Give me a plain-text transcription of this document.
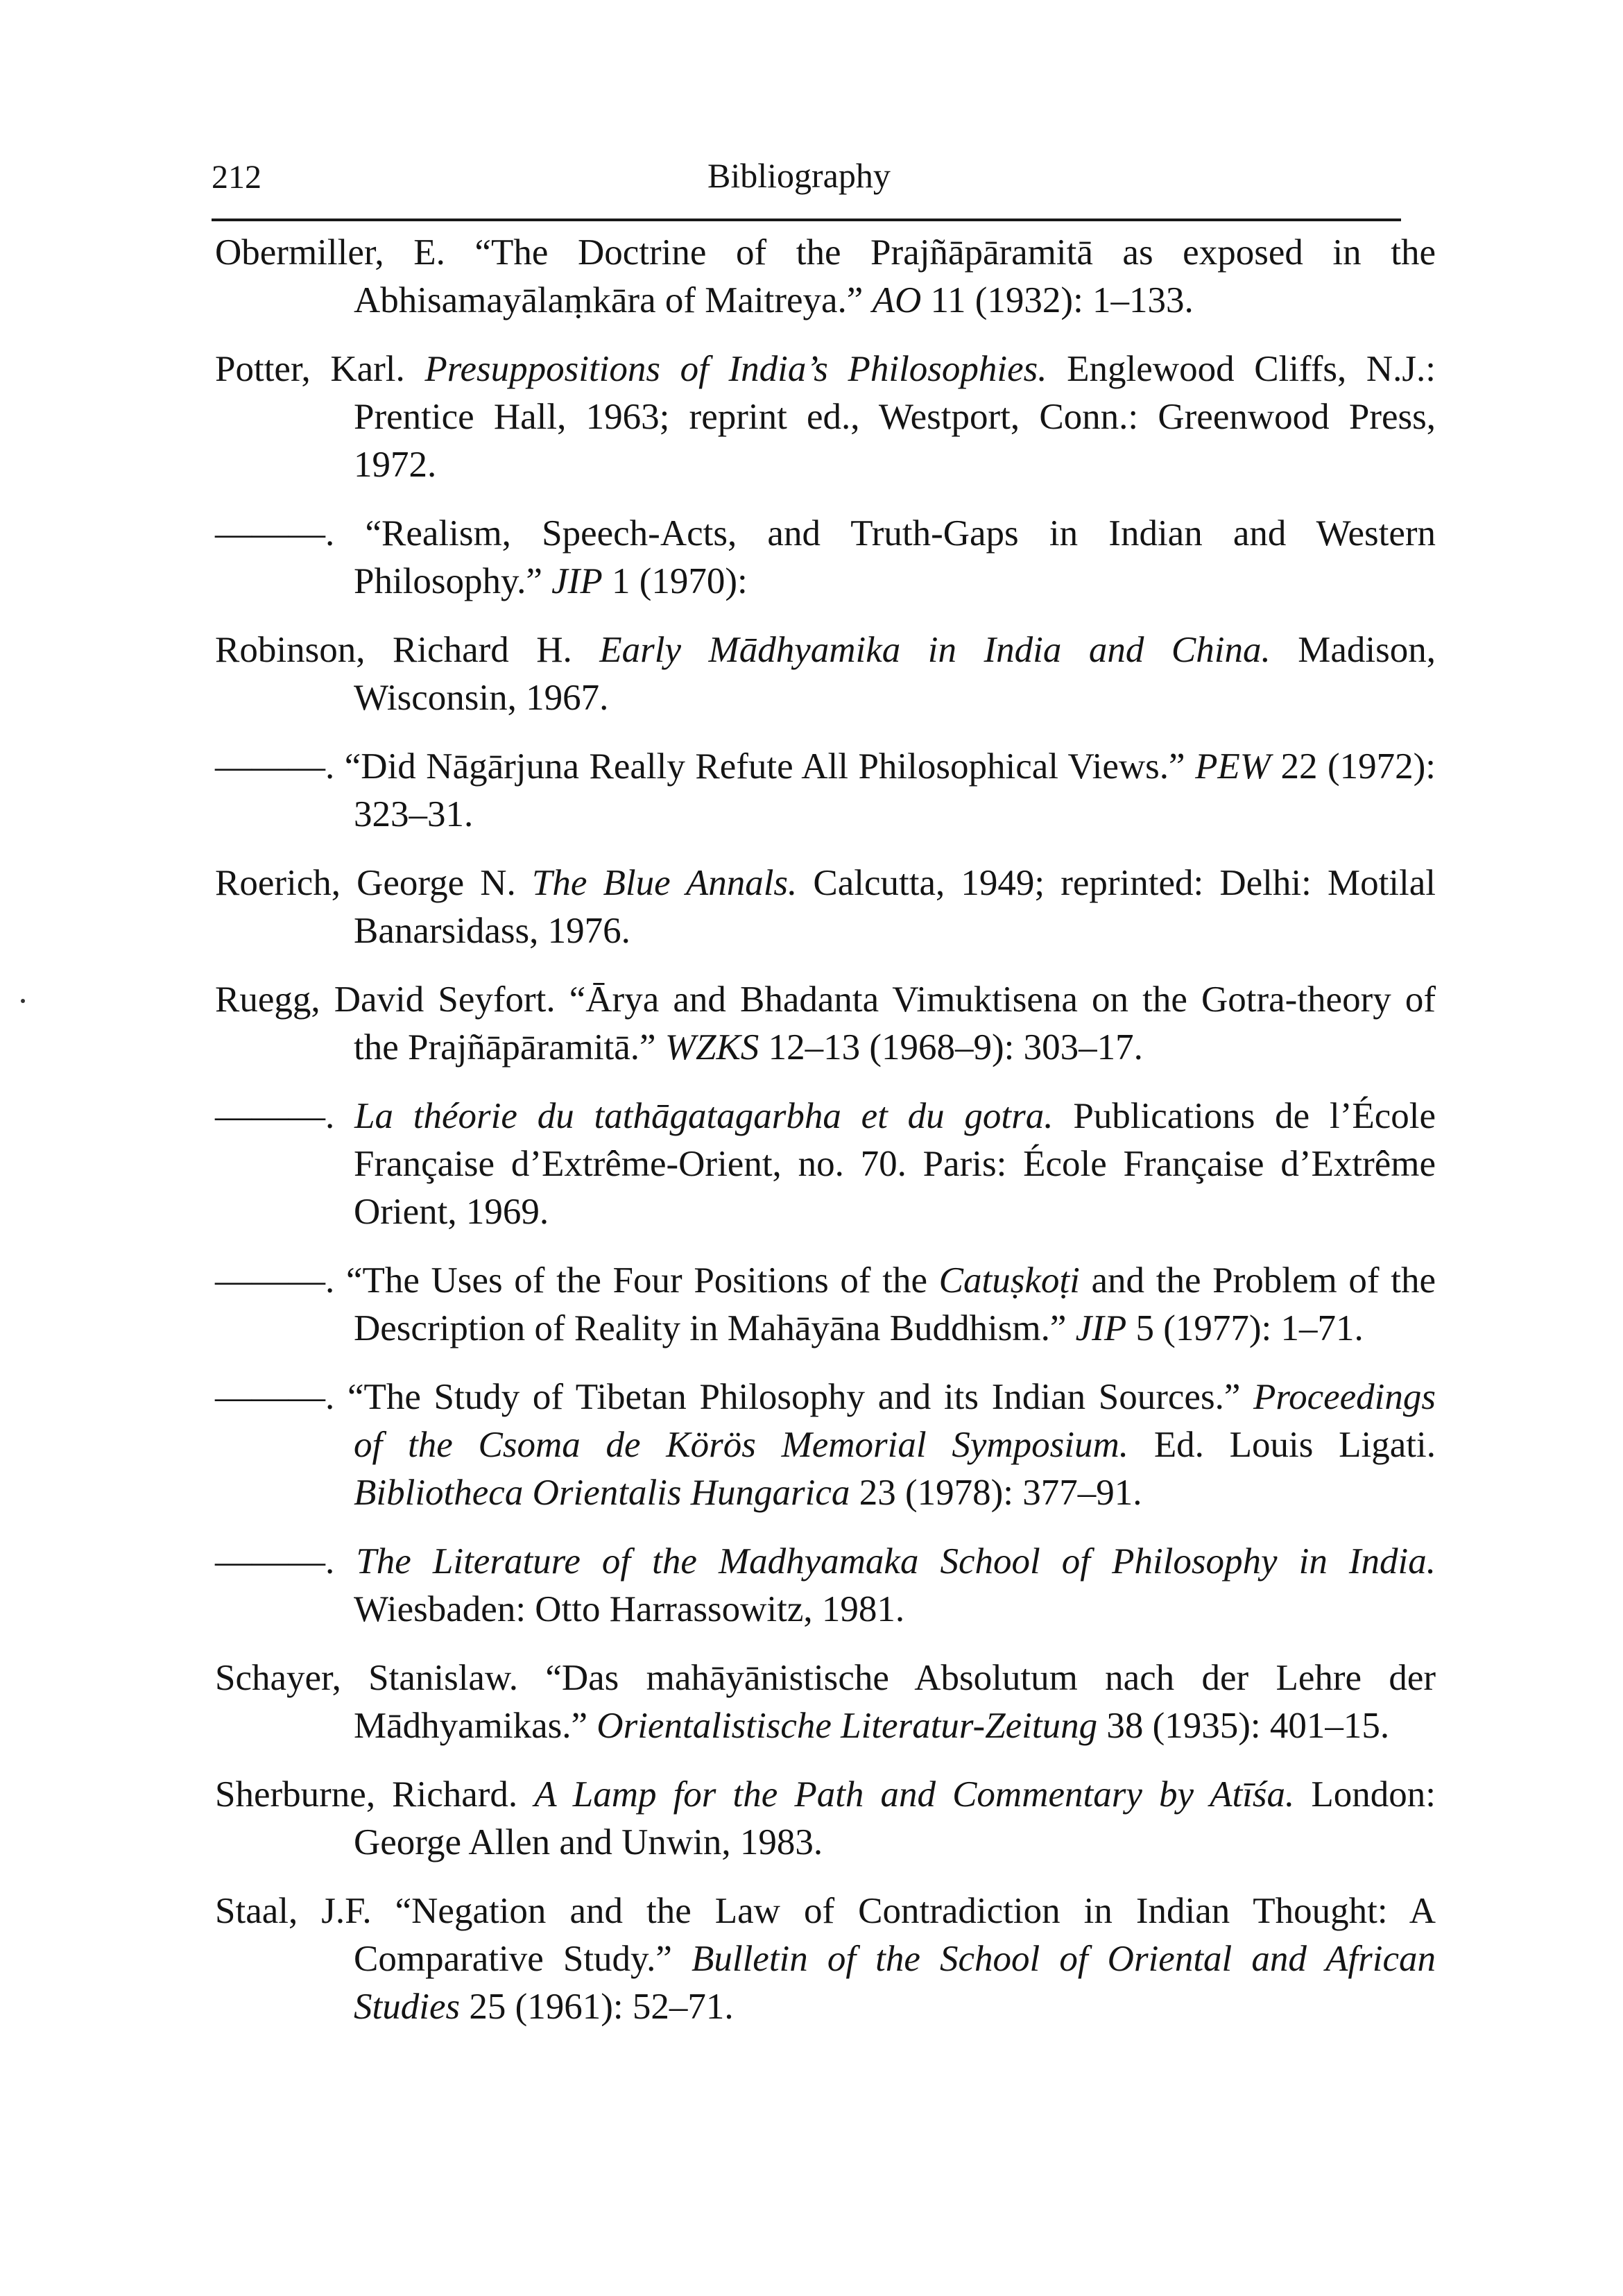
212	Bibliography

Obermiller, E. “The Doctrine of the Prajñāpāramitā as exposed in the Abhisamayālaṃkāra of Maitreya.” AO 11 (1932): 1–133.

Potter, Karl. Presuppositions of India’s Philosophies. Englewood Cliffs, N.J.: Prentice Hall, 1963; reprint ed., Westport, Conn.: Greenwood Press, 1972.

———. “Realism, Speech-Acts, and Truth-Gaps in Indian and Western Philosophy.” JIP 1 (1970):

Robinson, Richard H. Early Mādhyamika in India and China. Madison, Wisconsin, 1967.

———. “Did Nāgārjuna Really Refute All Philosophical Views.” PEW 22 (1972): 323–31.

Roerich, George N. The Blue Annals. Calcutta, 1949; reprinted: Delhi: Motilal Banarsidass, 1976.

Ruegg, David Seyfort. “Ārya and Bhadanta Vimuktisena on the Gotra-theory of the Prajñāpāramitā.” WZKS 12–13 (1968–9): 303–17.

———. La théorie du tathāgatagarbha et du gotra. Publications de l’École Française d’Extrême-Orient, no. 70. Paris: École Française d’Extrême Orient, 1969.

———. “The Uses of the Four Positions of the Catuṣkoṭi and the Problem of the Description of Reality in Mahāyāna Buddhism.” JIP 5 (1977): 1–71.

———. “The Study of Tibetan Philosophy and its Indian Sources.” Proceedings of the Csoma de Körös Memorial Symposium. Ed. Louis Ligati. Bibliotheca Orientalis Hungarica 23 (1978): 377–91.

———. The Literature of the Madhyamaka School of Philosophy in India. Wiesbaden: Otto Harrassowitz, 1981.

Schayer, Stanislaw. “Das mahāyānistische Absolutum nach der Lehre der Mādhyamikas.” Orientalistische Literatur-Zeitung 38 (1935): 401–15.

Sherburne, Richard. A Lamp for the Path and Commentary by Atīśa. London: George Allen and Unwin, 1983.

Staal, J.F. “Negation and the Law of Contradiction in Indian Thought: A Comparative Study.” Bulletin of the School of Oriental and African Studies 25 (1961): 52–71.
